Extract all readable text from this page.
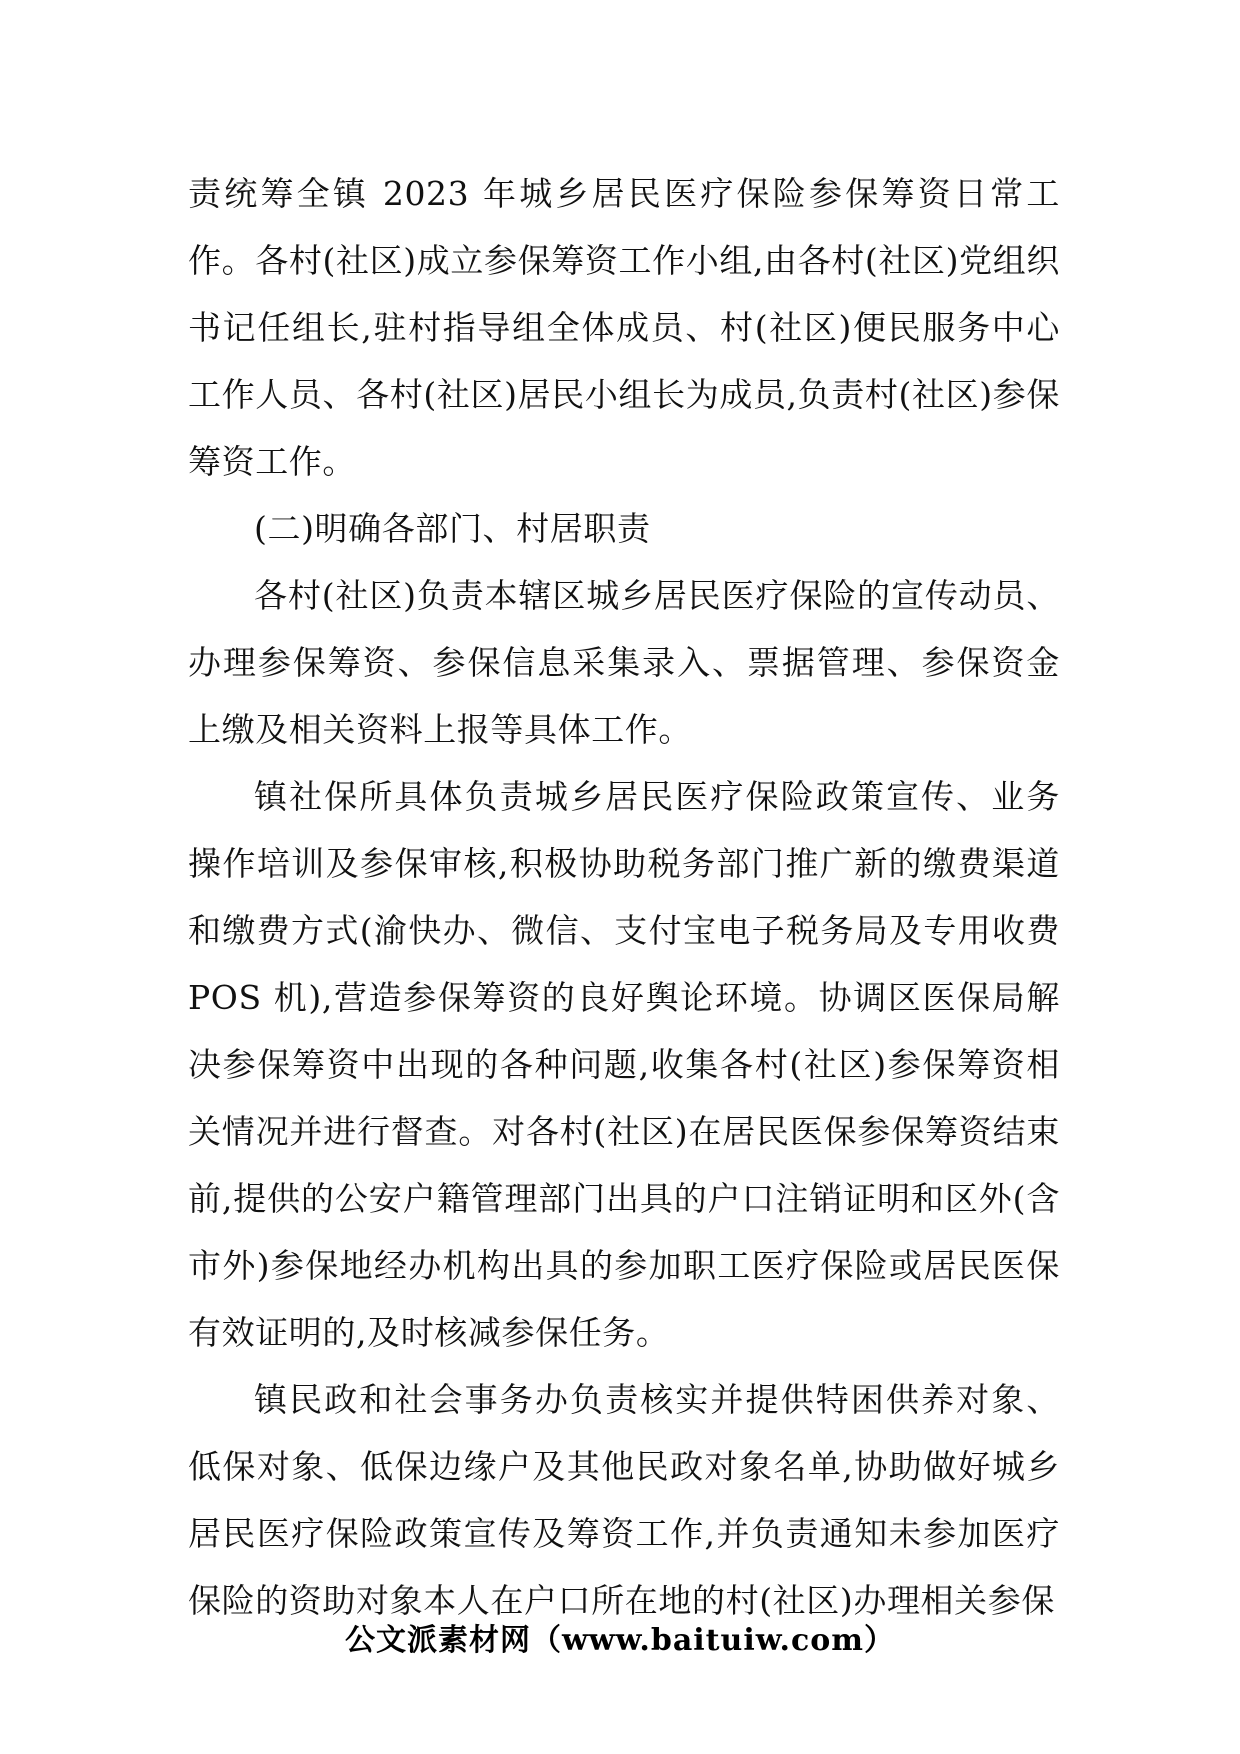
责统筹全镇 2023 年城乡居民医疗保险参保筹资日常工作。各村(社区)成立参保筹资工作小组,由各村(社区)党组织书记任组长,驻村指导组全体成员、村(社区)便民服务中心工作人员、各村(社区)居民小组长为成员,负责村(社区)参保筹资工作。

(二)明确各部门、村居职责

各村(社区)负责本辖区城乡居民医疗保险的宣传动员、办理参保筹资、参保信息采集录入、票据管理、参保资金上缴及相关资料上报等具体工作。

镇社保所具体负责城乡居民医疗保险政策宣传、业务操作培训及参保审核,积极协助税务部门推广新的缴费渠道和缴费方式(渝快办、微信、支付宝电子税务局及专用收费POS 机),营造参保筹资的良好舆论环境。协调区医保局解决参保筹资中出现的各种问题,收集各村(社区)参保筹资相关情况并进行督查。对各村(社区)在居民医保参保筹资结束前,提供的公安户籍管理部门出具的户口注销证明和区外(含市外)参保地经办机构出具的参加职工医疗保险或居民医保有效证明的,及时核减参保任务。

镇民政和社会事务办负责核实并提供特困供养对象、低保对象、低保边缘户及其他民政对象名单,协助做好城乡居民医疗保险政策宣传及筹资工作,并负责通知未参加医疗保险的资助对象本人在户口所在地的村(社区)办理相关参保

公文派素材网（www.baituiw.com）
